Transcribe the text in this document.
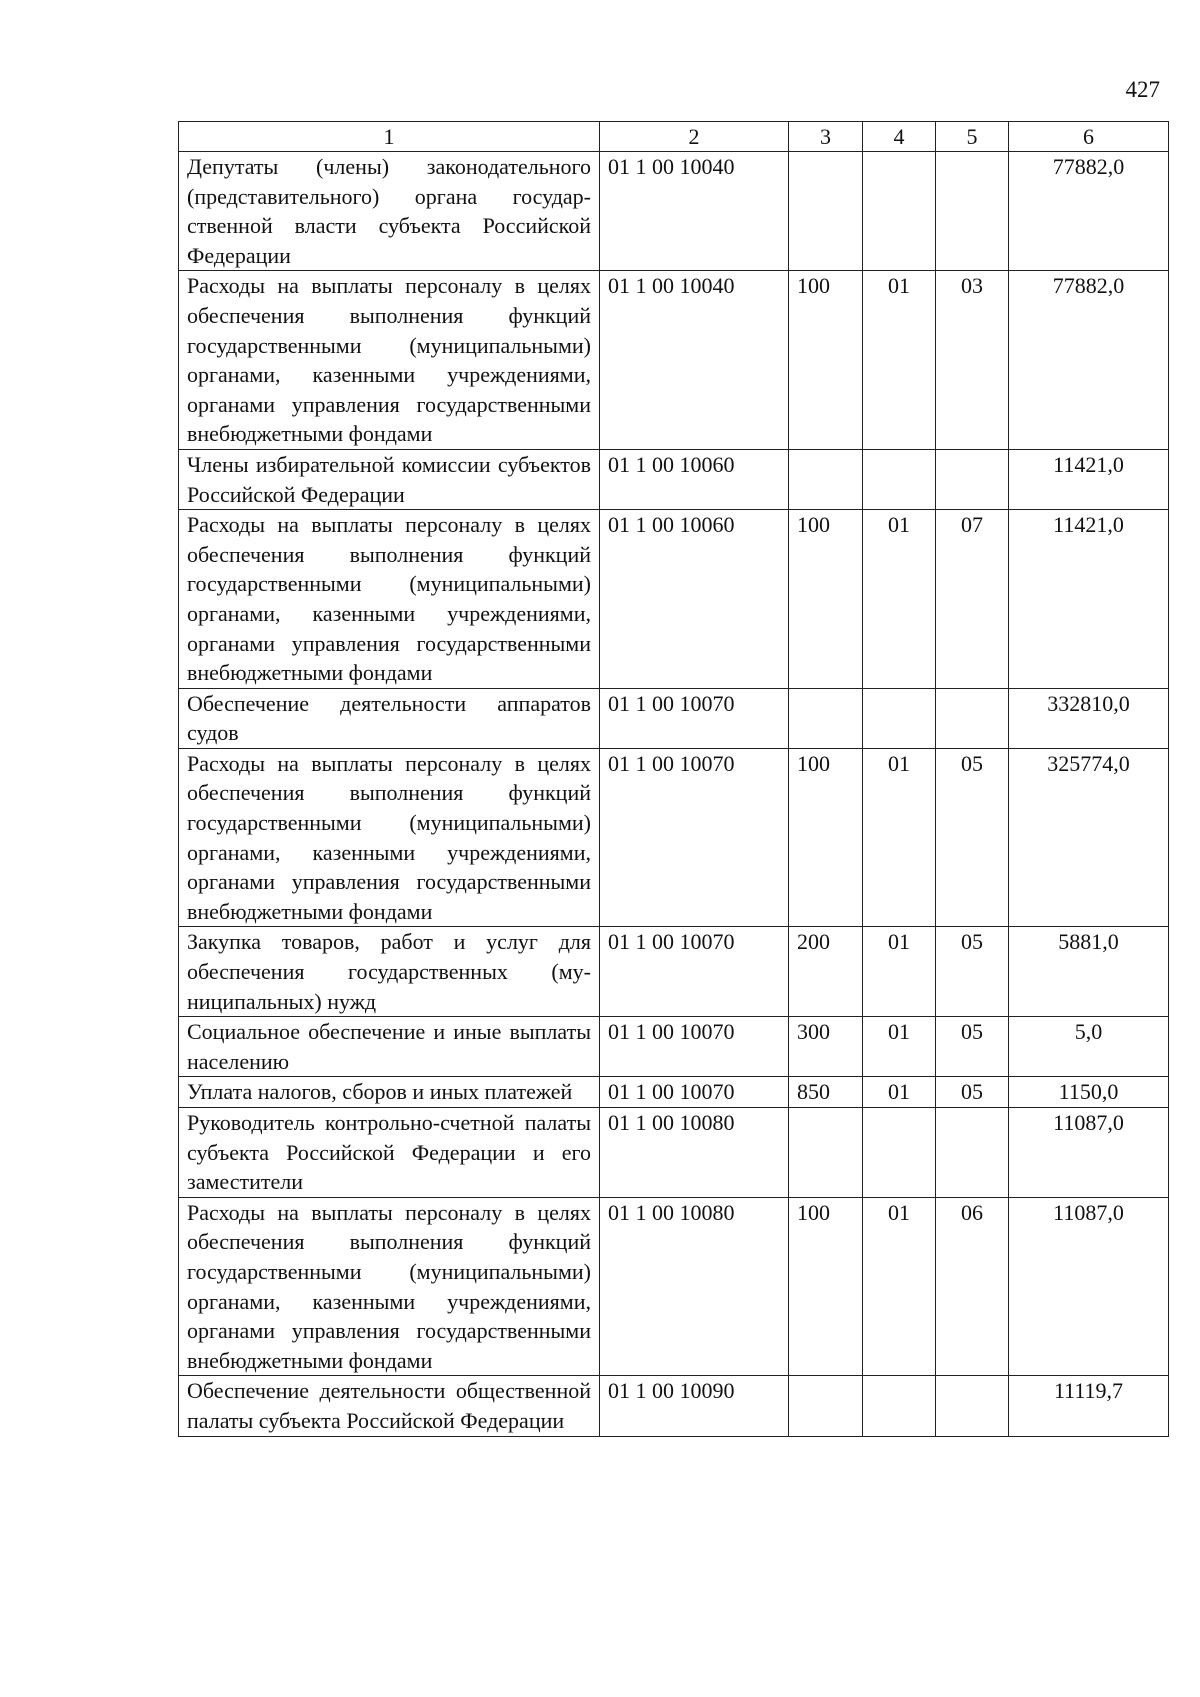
427
1	2	3	4	5	6
Депутаты (члены) законодательного (представительного) органа государственной власти субъекта Российской Федерации	01 1 00 10040				77882,0
Расходы на выплаты персоналу в целях обеспечения выполнения функций государственными (муниципальными) органами, казенными учреждениями, органами управления государственными внебюджетными фондами	01 1 00 10040	100	01	03	77882,0
Члены избирательной комиссии субъектов Российской Федерации	01 1 00 10060				11421,0
Расходы на выплаты персоналу в целях обеспечения выполнения функций государственными (муниципальными) органами, казенными учреждениями, органами управления государственными внебюджетными фондами	01 1 00 10060	100	01	07	11421,0
Обеспечение деятельности аппаратов судов	01 1 00 10070				332810,0
Расходы на выплаты персоналу в целях обеспечения выполнения функций государственными (муниципальными) органами, казенными учреждениями, органами управления государственными внебюджетными фондами	01 1 00 10070	100	01	05	325774,0
Закупка товаров, работ и услуг для обеспечения государственных (муниципальных) нужд	01 1 00 10070	200	01	05	5881,0
Социальное обеспечение и иные выплаты населению	01 1 00 10070	300	01	05	5,0
Уплата налогов, сборов и иных платежей	01 1 00 10070	850	01	05	1150,0
Руководитель контрольно-счетной палаты субъекта Российской Федерации и его заместители	01 1 00 10080				11087,0
Расходы на выплаты персоналу в целях обеспечения выполнения функций государственными (муниципальными) органами, казенными учреждениями, органами управления государственными внебюджетными фондами	01 1 00 10080	100	01	06	11087,0
Обеспечение деятельности общественной палаты субъекта Российской Федерации	01 1 00 10090				11119,7
